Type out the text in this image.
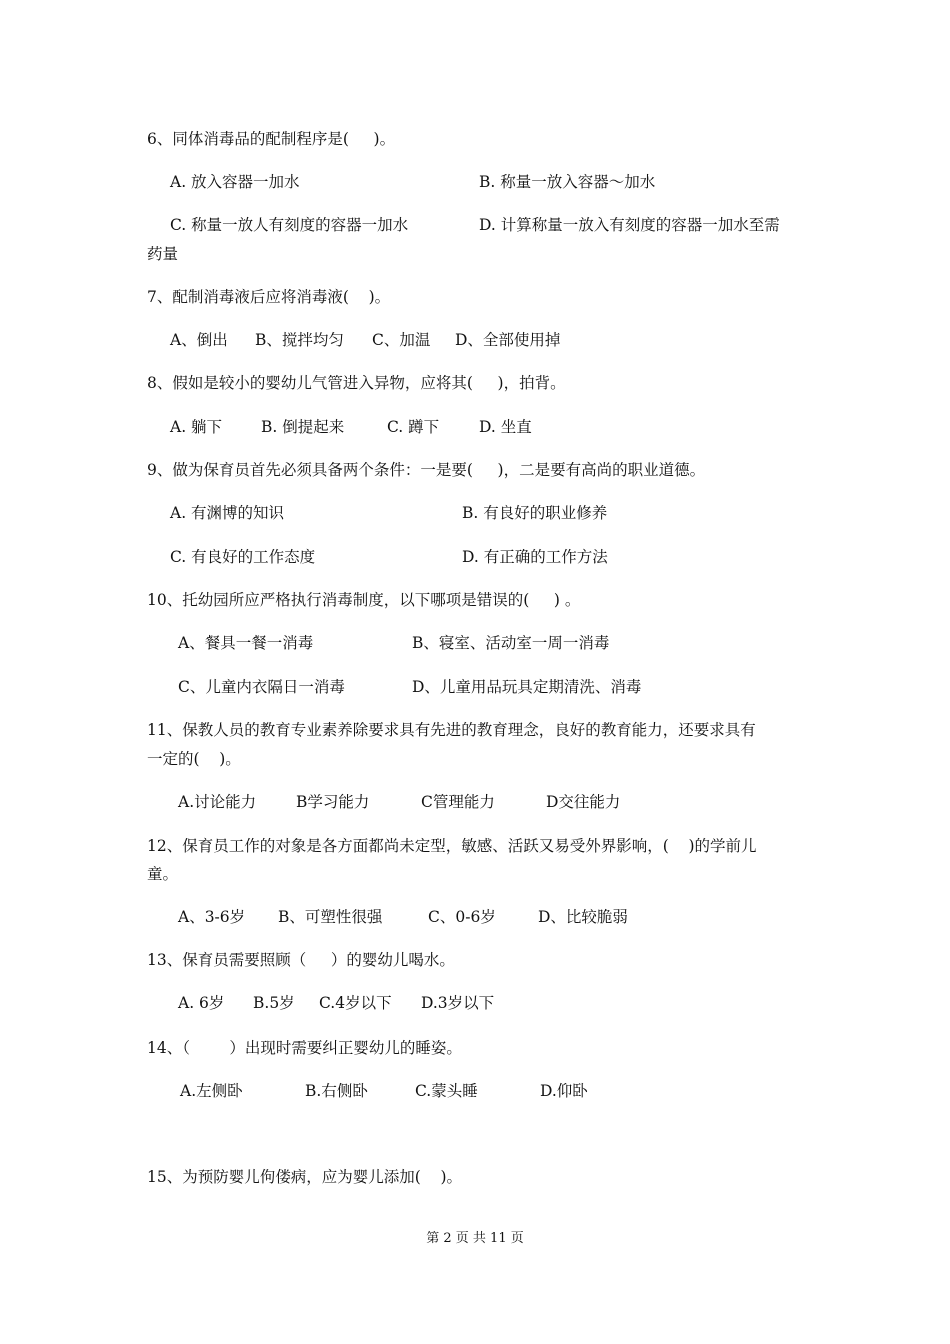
6、同体消毒品的配制程序是(     )。
A. 放入容器一加水	B. 称量一放入容器～加水
C. 称量一放人有刻度的容器一加水	D. 计算称量一放入有刻度的容器一加水至需
药量
7、配制消毒液后应将消毒液(    )。
A、倒出 B、搅拌均匀 C、加温 D、全部使用掉
8、假如是较小的婴幼儿气管进入异物，应将其(     )，拍背。
A. 躺下	B. 倒提起来	C. 蹲下	D. 坐直
9、做为保育员首先必须具备两个条件：一是要(     )，二是要有高尚的职业道德。
A. 有渊博的知识	B. 有良好的职业修养
C. 有良好的工作态度	D. 有正确的工作方法
10、托幼园所应严格执行消毒制度，以下哪项是错误的(     ) 。
A、餐具一餐一消毒	B、寝室、活动室一周一消毒
C、儿童内衣隔日一消毒	D、儿童用品玩具定期清洗、消毒
11、保教人员的教育专业素养除要求具有先进的教育理念，良好的教育能力，还要求具有
一定的(    )。
A.讨论能力	B学习能力	C管理能力	D交往能力
12、保育员工作的对象是各方面都尚未定型，敏感、活跃又易受外界影响，(    )的学前儿
童。
A、3-6岁 B、可塑性很强	C、0-6岁	D、比较脆弱
13、保育员需要照顾（     ）的婴幼儿喝水。
A. 6岁 B.5岁 C.4岁以下 D.3岁以下
14、（        ）出现时需要纠正婴幼儿的睡姿。
A.左侧卧	B.右侧卧	C.蒙头睡	D.仰卧
15、为预防婴儿佝偻病，应为婴儿添加(    )。
第 2 页 共 11 页
